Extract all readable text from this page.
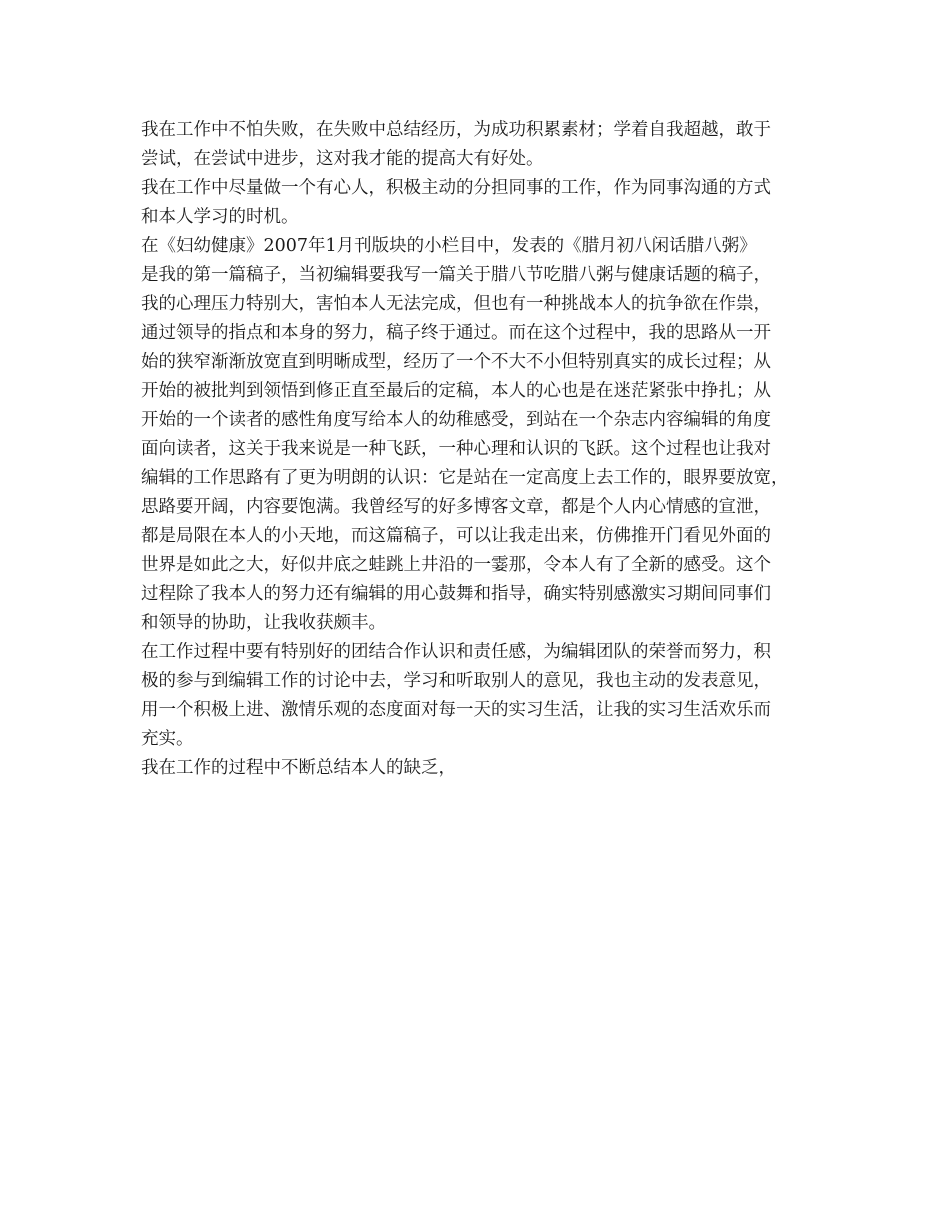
我在工作中不怕失败，在失败中总结经历，为成功积累素材；学着自我超越，敢于
尝试，在尝试中进步，这对我才能的提高大有好处。
我在工作中尽量做一个有心人，积极主动的分担同事的工作，作为同事沟通的方式
和本人学习的时机。
在《妇幼健康》2007年1月刊版块的小栏目中，发表的《腊月初八闲话腊八粥》
是我的第一篇稿子，当初编辑要我写一篇关于腊八节吃腊八粥与健康话题的稿子，
我的心理压力特别大，害怕本人无法完成，但也有一种挑战本人的抗争欲在作祟，
通过领导的指点和本身的努力，稿子终于通过。而在这个过程中，我的思路从一开
始的狭窄渐渐放宽直到明晰成型，经历了一个不大不小但特别真实的成长过程；从
开始的被批判到领悟到修正直至最后的定稿，本人的心也是在迷茫紧张中挣扎；从
开始的一个读者的感性角度写给本人的幼稚感受，到站在一个杂志内容编辑的角度
面向读者，这关于我来说是一种飞跃，一种心理和认识的飞跃。这个过程也让我对
编辑的工作思路有了更为明朗的认识：它是站在一定高度上去工作的，眼界要放宽，
思路要开阔，内容要饱满。我曾经写的好多博客文章，都是个人内心情感的宣泄，
都是局限在本人的小天地，而这篇稿子，可以让我走出来，仿佛推开门看见外面的
世界是如此之大，好似井底之蛙跳上井沿的一霎那，令本人有了全新的感受。这个
过程除了我本人的努力还有编辑的用心鼓舞和指导，确实特别感激实习期间同事们
和领导的协助，让我收获颇丰。
在工作过程中要有特别好的团结合作认识和责任感，为编辑团队的荣誉而努力，积
极的参与到编辑工作的讨论中去，学习和听取别人的意见，我也主动的发表意见，
用一个积极上进、激情乐观的态度面对每一天的实习生活，让我的实习生活欢乐而
充实。
我在工作的过程中不断总结本人的缺乏，
